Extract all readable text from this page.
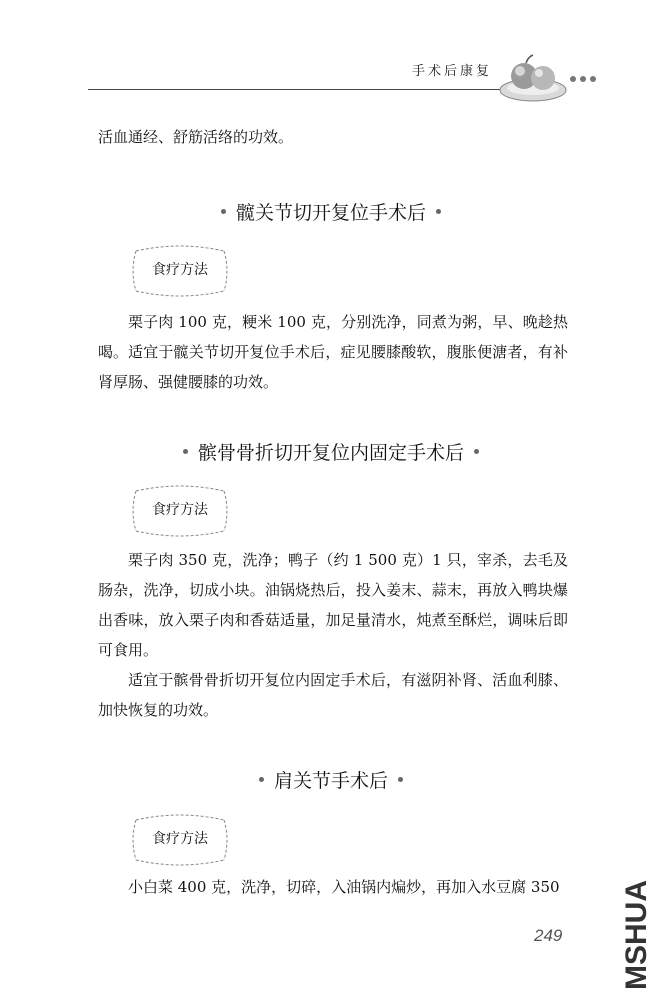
手术后康复
活血通经、舒筋活络的功效。
髋关节切开复位手术后
食疗方法
栗子肉 100 克，粳米 100 克，分别洗净，同煮为粥，早、晚趁热喝。 适宜于髋关节切开复位手术后，症见腰膝酸软，腹胀便溏者，有补肾厚肠、强健腰膝的功效。
髌骨骨折切开复位内固定手术后
食疗方法
栗子肉 350 克，洗净；鸭子（约 1 500 克）1 只，宰杀，去毛及肠杂，洗净，切成小块。油锅烧热后，投入姜末、蒜末，再放入鸭块爆出香味，放入栗子肉和香菇适量，加足量清水，炖煮至酥烂，调味后即可食用。
适宜于髌骨骨折切开复位内固定手术后，有滋阴补肾、活血利膝、加快恢复的功效。
肩关节手术后
食疗方法
小白菜 400 克，洗净，切碎，入油锅内煸炒，再加入水豆腐 350
249 MSHUA
